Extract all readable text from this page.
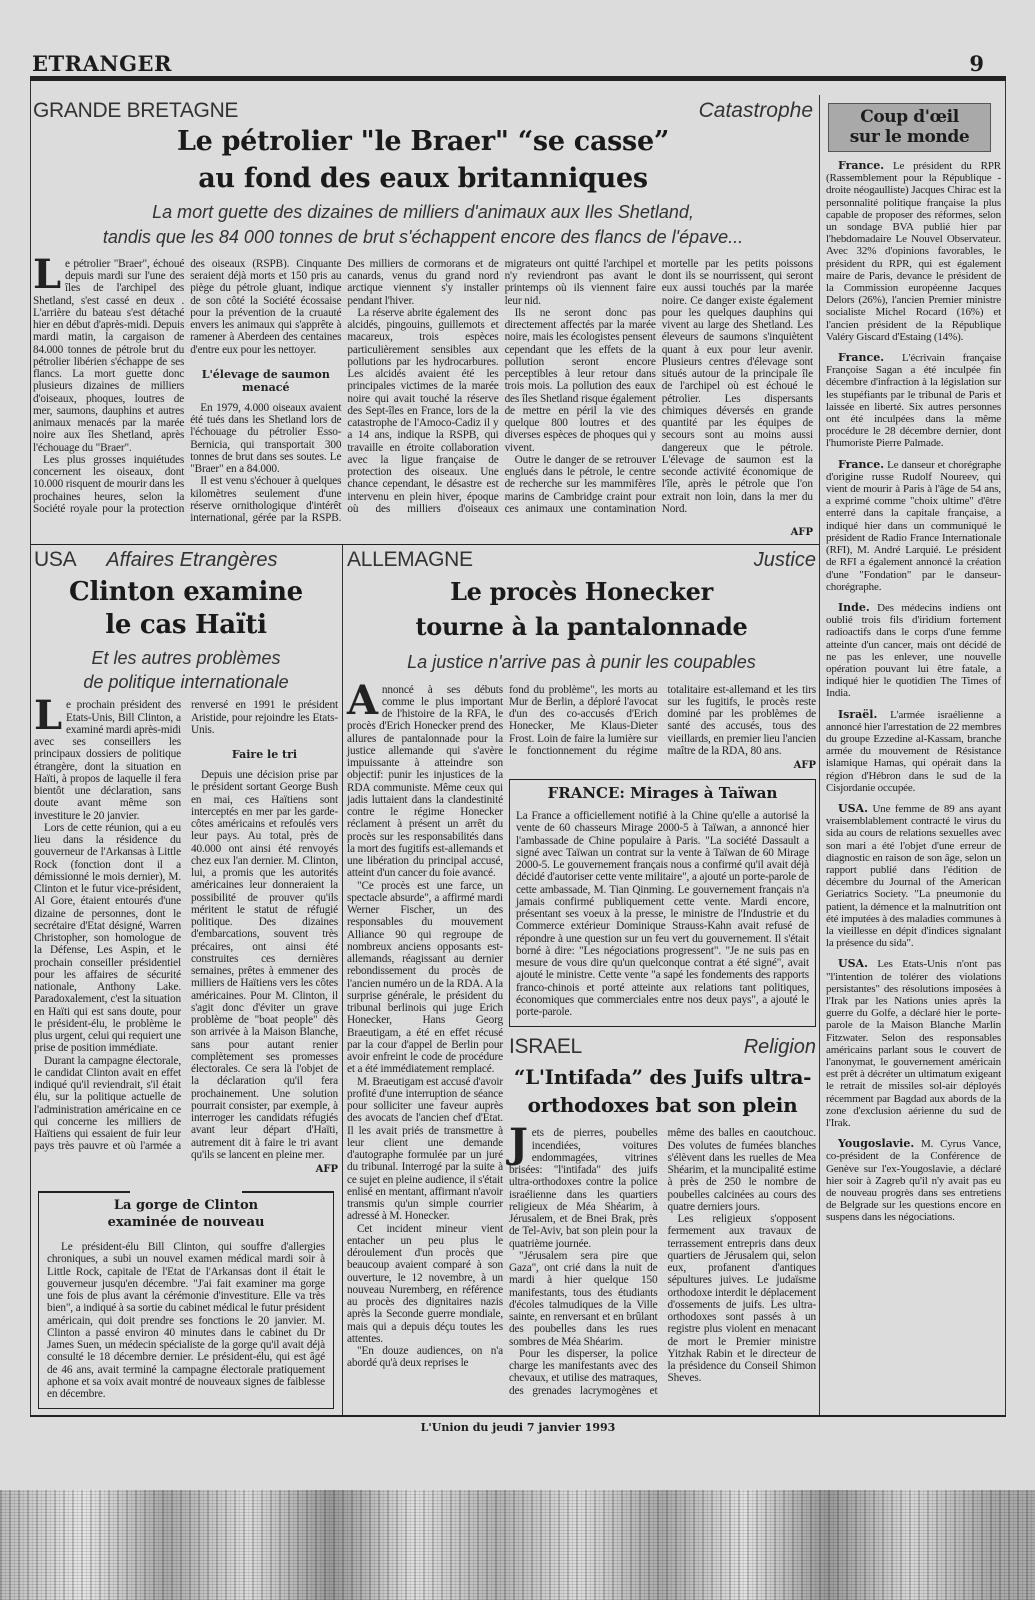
ETRANGER	9
GRANDE BRETAGNE	Catastrophe
Le pétrolier "le Braer" “se casse”
au fond des eaux britanniques
La mort guette des dizaines de milliers d'animaux aux Iles Shetland,
tandis que les 84 000 tonnes de brut s'échappent encore des flancs de l'épave...

Le pétrolier "Braer", échoué depuis mardi sur l'une des îles de l'archipel des Shetland, s'est cassé en deux . L'arrière du bateau s'est détaché hier en début d'après-midi. Depuis mardi matin, la cargaison de 84.000 tonnes de pétrole brut du pétrolier libérien s'échappe de ses flancs. La mort guette donc plusieurs dizaines de milliers d'oiseaux, phoques, loutres de mer, saumons, dauphins et autres animaux menacés par la marée noire aux îles Shetland, après l'échouage du "Braer".

Les plus grosses inquiétudes concernent les oiseaux, dont 10.000 risquent de mourir dans les prochaines heures, selon la Société royale pour la protection des oiseaux (RSPB). Cinquante seraient déjà morts et 150 pris au piège du pétrole gluant, indique de son côté la Société écossaise pour la prévention de la cruauté envers les animaux qui s'apprête à ramener à Aberdeen des centaines d'entre eux pour les nettoyer.

L'élevage de saumon menacé

En 1979, 4.000 oiseaux avaient été tués dans les Shetland lors de l'échouage du pétrolier Esso-Bernicia, qui transportait 300 tonnes de brut dans ses soutes. Le "Braer" en a 84.000.

Il est venu s'échouer à quelques kilomètres seulement d'une réserve ornithologique d'intérêt international, gérée par la RSPB. Des milliers de cormorans et de canards, venus du grand nord arctique viennent s'y installer pendant l'hiver.

La réserve abrite également des alcidés, pingouins, guillemots et macareux, trois espèces particulièrement sensibles aux pollutions par les hydrocarbures. Les alcidés avaient été les principales victimes de la marée noire qui avait touché la réserve des Sept-îles en France, lors de la catastrophe de l'Amoco-Cadiz il y a 14 ans, indique la RSPB, qui travaille en étroite collaboration avec la ligue française de protection des oiseaux. Une chance cependant, le désastre est intervenu en plein hiver, époque où des milliers d'oiseaux migrateurs ont quitté l'archipel et n'y reviendront pas avant le printemps où ils viennent faire leur nid.

Ils ne seront donc pas directement affectés par la marée noire, mais les écologistes pensent cependant que les effets de la pollution seront encore perceptibles à leur retour dans trois mois. La pollution des eaux des îles Shetland risque également de mettre en péril la vie des quelque 800 loutres et des diverses espèces de phoques qui y vivent.

Outre le danger de se retrouver englués dans le pétrole, le centre de recherche sur les mammifères marins de Cambridge craint pour ces animaux une contamination mortelle par les petits poissons dont ils se nourrissent, qui seront eux aussi touchés par la marée noire. Ce danger existe également pour les quelques dauphins qui vivent au large des Shetland. Les éleveurs de saumons s'inquiètent quant à eux pour leur avenir. Plusieurs centres d'élevage sont situés autour de la principale île de l'archipel où est échoué le pétrolier. Les dispersants chimiques déversés en grande quantité par les équipes de secours sont au moins aussi dangereux que le pétrole. L'élevage de saumon est la seconde activité économique de l'île, après le pétrole que l'on extrait non loin, dans la mer du Nord.

AFP
USA Affaires Etrangères
Clinton examine
le cas Haïti
Et les autres problèmes
de politique internationale

Le prochain président des Etats-Unis, Bill Clinton, a examiné mardi après-midi avec ses conseillers les principaux dossiers de politique étrangère, dont la situation en Haïti, à propos de laquelle il fera bientôt une déclaration, sans doute avant même son investiture le 20 janvier.

Lors de cette réunion, qui a eu lieu dans la résidence du gouverneur de l'Arkansas à Little Rock (fonction dont il a démissionné le mois dernier), M. Clinton et le futur vice-président, Al Gore, étaient entourés d'une dizaine de personnes, dont le secrétaire d'Etat désigné, Warren Christopher, son homologue de la Défense, Les Aspin, et le prochain conseiller présidentiel pour les affaires de sécurité nationale, Anthony Lake. Paradoxalement, c'est la situation en Haïti qui est sans doute, pour le président-élu, le problème le plus urgent, celui qui requiert une prise de position immédiate.

Durant la campagne électorale, le candidat Clinton avait en effet indiqué qu'il reviendrait, s'il était élu, sur la politique actuelle de l'administration américaine en ce qui concerne les milliers de Haïtiens qui essaient de fuir leur pays très pauvre et où l'armée a renversé en 1991 le président Aristide, pour rejoindre les Etats-Unis.

Faire le tri

Depuis une décision prise par le président sortant George Bush en mai, ces Haïtiens sont interceptés en mer par les garde-côtes américains et refoulés vers leur pays. Au total, près de 40.000 ont ainsi été renvoyés chez eux l'an dernier. M. Clinton, lui, a promis que les autorités américaines leur donneraient la possibilité de prouver qu'ils méritent le statut de réfugié politique. Des dizaines d'embarcations, souvent très précaires, ont ainsi été construites ces dernières semaines, prêtes à emmener des milliers de Haïtiens vers les côtes américaines. Pour M. Clinton, il s'agit donc d'éviter un grave problème de "boat people" dès son arrivée à la Maison Blanche, sans pour autant renier complètement ses promesses électorales. Ce sera là l'objet de la déclaration qu'il fera prochainement. Une solution pourrait consister, par exemple, à interroger les candidats réfugiés avant leur départ d'Haïti, autrement dit à faire le tri avant qu'ils se lancent en pleine mer.

AFP
La gorge de Clinton
examinée de nouveau

Le président-élu Bill Clinton, qui souffre d'allergies chroniques, a subi un nouvel examen médical mardi soir à Little Rock, capitale de l'Etat de l'Arkansas dont il était le gouverneur jusqu'en décembre. "J'ai fait examiner ma gorge une fois de plus avant la cérémonie d'investiture. Elle va très bien", a indiqué à sa sortie du cabinet médical le futur président américain, qui doit prendre ses fonctions le 20 janvier. M. Clinton a passé environ 40 minutes dans le cabinet du Dr James Suen, un médecin spécialiste de la gorge qu'il avait déjà consulté le 18 décembre dernier. Le président-élu, qui est âgé de 46 ans, avait terminé la campagne électorale pratiquement aphone et sa voix avait montré de nouveaux signes de faiblesse en décembre.

ALLEMAGNE	Justice
Le procès Honecker
tourne à la pantalonnade
La justice n'arrive pas à punir les coupables

Annoncé à ses débuts comme le plus important de l'histoire de la RFA, le procès d'Erich Honecker prend des allures de pantalonnade pour la justice allemande qui s'avère impuissante à atteindre son objectif: punir les injustices de la RDA communiste. Même ceux qui jadis luttaient dans la clandestinité contre le régime Honecker réclament à présent un arrêt du procès sur les responsabilités dans la mort des fugitifs est-allemands et une libération du principal accusé, atteint d'un cancer du foie avancé.

"Ce procès est une farce, un spectacle absurde", a affirmé mardi Werner Fischer, un des responsables du mouvement Alliance 90 qui regroupe de nombreux anciens opposants est-allemands, réagissant au dernier rebondissement du procès de l'ancien numéro un de la RDA. A la surprise générale, le président du tribunal berlinois qui juge Erich Honecker, Hans Georg Braeutigam, a été en effet récusé par la cour d'appel de Berlin pour avoir enfreint le code de procédure et a été immédiatement remplacé.

M. Braeutigam est accusé d'avoir profité d'une interruption de séance pour solliciter une faveur auprès des avocats de l'ancien chef d'Etat. Il les avait priés de transmettre à leur client une demande d'autographe formulée par un juré du tribunal. Interrogé par la suite à ce sujet en pleine audience, il s'était enlisé en mentant, affirmant n'avoir transmis qu'un simple courrier adressé à M. Honecker.

Cet incident mineur vient entacher un peu plus le déroulement d'un procès que beaucoup avaient comparé à son ouverture, le 12 novembre, à un nouveau Nuremberg, en référence au procès des dignitaires nazis après la Seconde guerre mondiale, mais qui a depuis déçu toutes les attentes.

"En douze audiences, on n'a abordé qu'à deux reprises le

fond du problème", les morts au Mur de Berlin, a déploré l'avocat d'un des co-accusés d'Erich Honecker, Me Klaus-Dieter Frost. Loin de faire la lumière sur le fonctionnement du régime totalitaire est-allemand et les tirs sur les fugitifs, le procès reste dominé par les problèmes de santé des accusés, tous des vieillards, en premier lieu l'ancien maître de la RDA, 80 ans.

AFP
FRANCE: Mirages à Taïwan

La France a officiellement notifié à la Chine qu'elle a autorisé la vente de 60 chasseurs Mirage 2000-5 à Taïwan, a annoncé hier l'ambassade de Chine populaire à Paris. "La société Dassault a signé avec Taïwan un contrat sur la vente à Taïwan de 60 Mirage 2000-5. Le gouvernement français nous a confirmé qu'il avait déjà décidé d'autoriser cette vente militaire", a ajouté un porte-parole de cette ambassade, M. Tian Qinming. Le gouvernement français n'a jamais confirmé publiquement cette vente. Mardi encore, présentant ses voeux à la presse, le ministre de l'Industrie et du Commerce extérieur Dominique Strauss-Kahn avait refusé de répondre à une question sur un feu vert du gouvernement. Il s'était borné à dire: "Les négociations progressent". "Je ne suis pas en mesure de vous dire qu'un quelconque contrat a été signé", avait ajouté le ministre. Cette vente "a sapé les fondements des rapports franco-chinois et porté atteinte aux relations tant politiques, économiques que commerciales entre nos deux pays", a ajouté le porte-parole.

ISRAEL	Religion
“L'Intifada” des Juifs ultra-
orthodoxes bat son plein

Jets de pierres, poubelles incendiées, voitures endommagées, vitrines brisées: "l'intifada" des juifs ultra-orthodoxes contre la police israélienne dans les quartiers religieux de Méa Shéarim, à Jérusalem, et de Bnei Brak, près de Tel-Aviv, bat son plein pour la quatrième journée.

"Jérusalem sera pire que Gaza", ont crié dans la nuit de mardi à hier quelque 150 manifestants, tous des étudiants d'écoles talmudiques de la Ville sainte, en renversant et en brûlant des poubelles dans les rues sombres de Méa Shéarim.

Pour les disperser, la police charge les manifestants avec des chevaux, et utilise des matraques, des grenades lacrymogènes et même des balles en caoutchouc. Des volutes de fumées blanches s'élèvent dans les ruelles de Mea Shéarim, et la muncipalité estime à près de 250 le nombre de poubelles calcinées au cours des quatre derniers jours.

Les religieux s'opposent fermement aux travaux de terrassement entrepris dans deux quartiers de Jérusalem qui, selon eux, profanent d'antiques sépultures juives. Le judaïsme orthodoxe interdit le déplacement d'ossements de juifs. Les ultra-orthodoxes sont passés à un registre plus violent en menacant de mort le Premier ministre Yitzhak Rabin et le directeur de la présidence du Conseil Shimon Sheves.

Coup d'œil
sur le monde

France. Le président du RPR (Rassemblement pour la République - droite néogaulliste) Jacques Chirac est la personnalité politique française la plus capable de proposer des réformes, selon un sondage BVA publié hier par l'hebdomadaire Le Nouvel Observateur. Avec 32% d'opinions favorables, le président du RPR, qui est également maire de Paris, devance le président de la Commission européenne Jacques Delors (26%), l'ancien Premier ministre socialiste Michel Rocard (16%) et l'ancien président de la République Valéry Giscard d'Estaing (14%).

France. L'écrivain française Françoise Sagan a été inculpée fin décembre d'infraction à la législation sur les stupéfiants par le tribunal de Paris et laissée en liberté. Six autres personnes ont été inculpées dans la même procédure le 28 décembre dernier, dont l'humoriste Pierre Palmade.

France. Le danseur et chorégraphe d'origine russe Rudolf Noureev, qui vient de mourir à Paris à l'âge de 54 ans, a exprimé comme "choix ultime" d'être enterré dans la capitale française, a indiqué hier dans un communiqué le président de Radio France Internationale (RFI), M. André Larquié. Le président de RFI a également annoncé la création d'une "Fondation" par le danseur-chorégraphe.

Inde. Des médecins indiens ont oublié trois fils d'iridium fortement radioactifs dans le corps d'une femme atteinte d'un cancer, mais ont décidé de ne pas les enlever, une nouvelle opération pouvant lui être fatale, a indiqué hier le quotidien The Times of India.

Israël. L'armée israélienne a annoncé hier l'arrestation de 22 membres du groupe Ezzedine al-Kassam, branche armée du mouvement de Résistance islamique Hamas, qui opérait dans la région d'Hébron dans le sud de la Cisjordanie occupée.

USA. Une femme de 89 ans ayant vraisemblablement contracté le virus du sida au cours de relations sexuelles avec son mari a été l'objet d'une erreur de diagnostic en raison de son âge, selon un rapport publié dans l'édition de décembre du Journal of the American Geriatrics Society. "La pneumonie du patient, la démence et la malnutrition ont été imputées à des maladies communes à la vieillesse en dépit d'indices signalant la présence du sida".

USA. Les Etats-Unis n'ont pas "l'intention de tolérer des violations persistantes" des résolutions imposées à l'Irak par les Nations unies après la guerre du Golfe, a déclaré hier le porte-parole de la Maison Blanche Marlin Fitzwater. Selon des responsables américains parlant sous le couvert de l'anonymat, le gouvernement américain est prêt à décréter un ultimatum exigeant le retrait de missiles sol-air déployés récemment par Bagdad aux abords de la zone d'exclusion aérienne du sud de l'Irak.

Yougoslavie. M. Cyrus Vance, co-président de la Conférence de Genève sur l'ex-Yougoslavie, a déclaré hier soir à Zagreb qu'il n'y avait pas eu de nouveau progrès dans ses entretiens de Belgrade sur les questions encore en suspens dans les négociations.

L'Union du jeudi 7 janvier 1993
